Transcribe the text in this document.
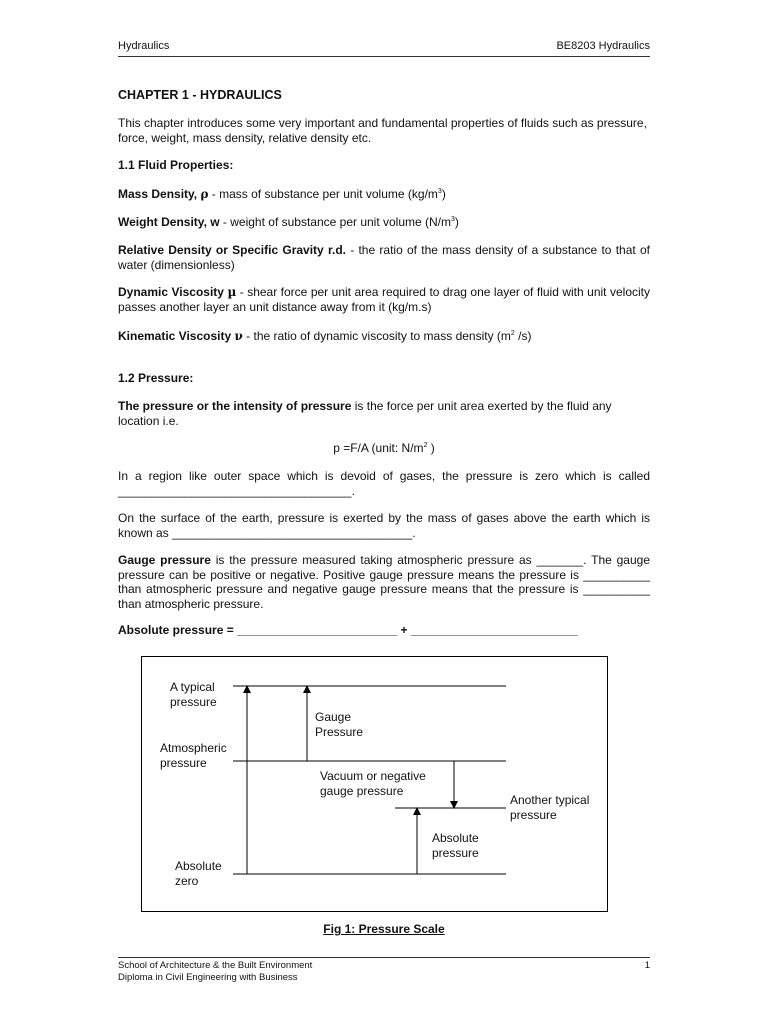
Hydraulics	BE8203 Hydraulics

CHAPTER 1 - HYDRAULICS

This chapter introduces some very important and fundamental properties of fluids such as pressure, force, weight, mass density, relative density etc.

1.1 Fluid Properties:

Mass Density, ρ - mass of substance per unit volume $(kg/m^3)$

Weight Density, w - weight of substance per unit volume $(N/m^3)$

Relative Density or Specific Gravity r.d. - the ratio of the mass density of a substance to that of water (dimensionless)

Dynamic Viscosity µ - shear force per unit area required to drag one layer of fluid with unit velocity passes another layer an unit distance away from it (kg/m.s)

Kinematic Viscosity ν - the ratio of dynamic viscosity to mass density ($m^2$ /s)

1.2 Pressure:

The pressure or the intensity of pressure is the force per unit area exerted by the fluid any location i.e.

p =F/A (unit: $N/m^2$ )

In a region like outer space which is devoid of gases, the pressure is zero which is called ___________________________________.

On the surface of the earth, pressure is exerted by the mass of gases above the earth which is known as ____________________________________.

Gauge pressure is the pressure measured taking atmospheric pressure as _______. The gauge pressure can be positive or negative. Positive gauge pressure means the pressure is __________ than atmospheric pressure and negative gauge pressure means that the pressure is __________ than atmospheric pressure.

Absolute pressure = ________________________ + _________________________

A typical
pressure
Gauge
Pressure
Atmospheric
pressure
Vacuum or negative
gauge pressure
Another typical
pressure
Absolute
pressure
Absolute
zero
Fig 1: Pressure Scale
School of Architecture & the Built Environment
Diploma in Civil Engineering with Business
1
